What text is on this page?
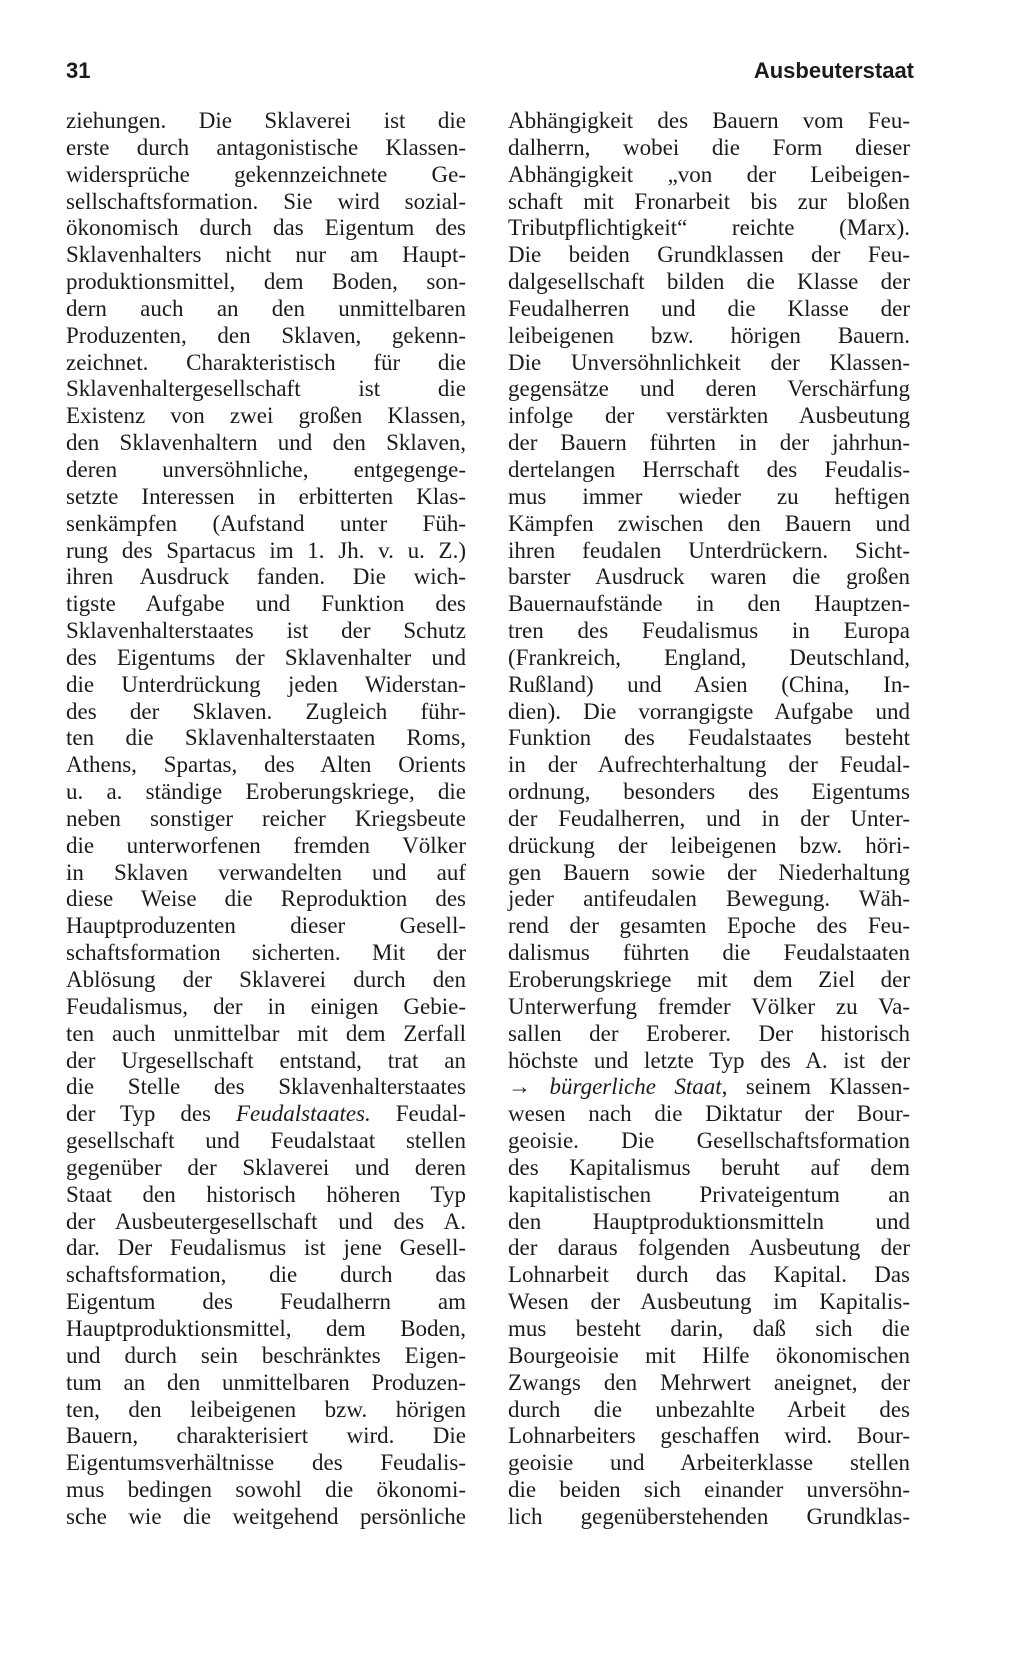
31	Ausbeuterstaat
ziehungen. Die Sklaverei ist die
erste durch antagonistische Klassen-
widersprüche gekennzeichnete Ge-
sellschaftsformation. Sie wird sozial-
ökonomisch durch das Eigentum des
Sklavenhalters nicht nur am Haupt-
produktionsmittel, dem Boden, son-
dern auch an den unmittelbaren
Produzenten, den Sklaven, gekenn-
zeichnet. Charakteristisch für die
Sklavenhaltergesellschaft ist die
Existenz von zwei großen Klassen,
den Sklavenhaltern und den Sklaven,
deren unversöhnliche, entgegenge-
setzte Interessen in erbitterten Klas-
senkämpfen (Aufstand unter Füh-
rung des Spartacus im 1. Jh. v. u. Z.)
ihren Ausdruck fanden. Die wich-
tigste Aufgabe und Funktion des
Sklavenhalterstaates ist der Schutz
des Eigentums der Sklavenhalter und
die Unterdrückung jeden Widerstan-
des der Sklaven. Zugleich führ-
ten die Sklavenhalterstaaten Roms,
Athens, Spartas, des Alten Orients
u. a. ständige Eroberungskriege, die
neben sonstiger reicher Kriegsbeute
die unterworfenen fremden Völker
in Sklaven verwandelten und auf
diese Weise die Reproduktion des
Hauptproduzenten dieser Gesell-
schaftsformation sicherten. Mit der
Ablösung der Sklaverei durch den
Feudalismus, der in einigen Gebie-
ten auch unmittelbar mit dem Zerfall
der Urgesellschaft entstand, trat an
die Stelle des Sklavenhalterstaates
der Typ des Feudalstaates. Feudal-
gesellschaft und Feudalstaat stellen
gegenüber der Sklaverei und deren
Staat den historisch höheren Typ
der Ausbeutergesellschaft und des A.
dar. Der Feudalismus ist jene Gesell-
schaftsformation, die durch das
Eigentum des Feudalherrn am
Hauptproduktionsmittel, dem Boden,
und durch sein beschränktes Eigen-
tum an den unmittelbaren Produzen-
ten, den leibeigenen bzw. hörigen
Bauern, charakterisiert wird. Die
Eigentumsverhältnisse des Feudalis-
mus bedingen sowohl die ökonomi-
sche wie die weitgehend persönliche
Abhängigkeit des Bauern vom Feu-
dalherrn, wobei die Form dieser
Abhängigkeit „von der Leibeigen-
schaft mit Fronarbeit bis zur bloßen
Tributpflichtigkeit“ reichte (Marx).
Die beiden Grundklassen der Feu-
dalgesellschaft bilden die Klasse der
Feudalherren und die Klasse der
leibeigenen bzw. hörigen Bauern.
Die Unversöhnlichkeit der Klassen-
gegensätze und deren Verschärfung
infolge der verstärkten Ausbeutung
der Bauern führten in der jahrhun-
dertelangen Herrschaft des Feudalis-
mus immer wieder zu heftigen
Kämpfen zwischen den Bauern und
ihren feudalen Unterdrückern. Sicht-
barster Ausdruck waren die großen
Bauernaufstände in den Hauptzen-
tren des Feudalismus in Europa
(Frankreich, England, Deutschland,
Rußland) und Asien (China, In-
dien). Die vorrangigste Aufgabe und
Funktion des Feudalstaates besteht
in der Aufrechterhaltung der Feudal-
ordnung, besonders des Eigentums
der Feudalherren, und in der Unter-
drückung der leibeigenen bzw. höri-
gen Bauern sowie der Niederhaltung
jeder antifeudalen Bewegung. Wäh-
rend der gesamten Epoche des Feu-
dalismus führten die Feudalstaaten
Eroberungskriege mit dem Ziel der
Unterwerfung fremder Völker zu Va-
sallen der Eroberer. Der historisch
höchste und letzte Typ des A. ist der
→ bürgerliche Staat, seinem Klassen-
wesen nach die Diktatur der Bour-
geoisie. Die Gesellschaftsformation
des Kapitalismus beruht auf dem
kapitalistischen Privateigentum an
den Hauptproduktionsmitteln und
der daraus folgenden Ausbeutung der
Lohnarbeit durch das Kapital. Das
Wesen der Ausbeutung im Kapitalis-
mus besteht darin, daß sich die
Bourgeoisie mit Hilfe ökonomischen
Zwangs den Mehrwert aneignet, der
durch die unbezahlte Arbeit des
Lohnarbeiters geschaffen wird. Bour-
geoisie und Arbeiterklasse stellen
die beiden sich einander unversöhn-
lich gegenüberstehenden Grundklas-
